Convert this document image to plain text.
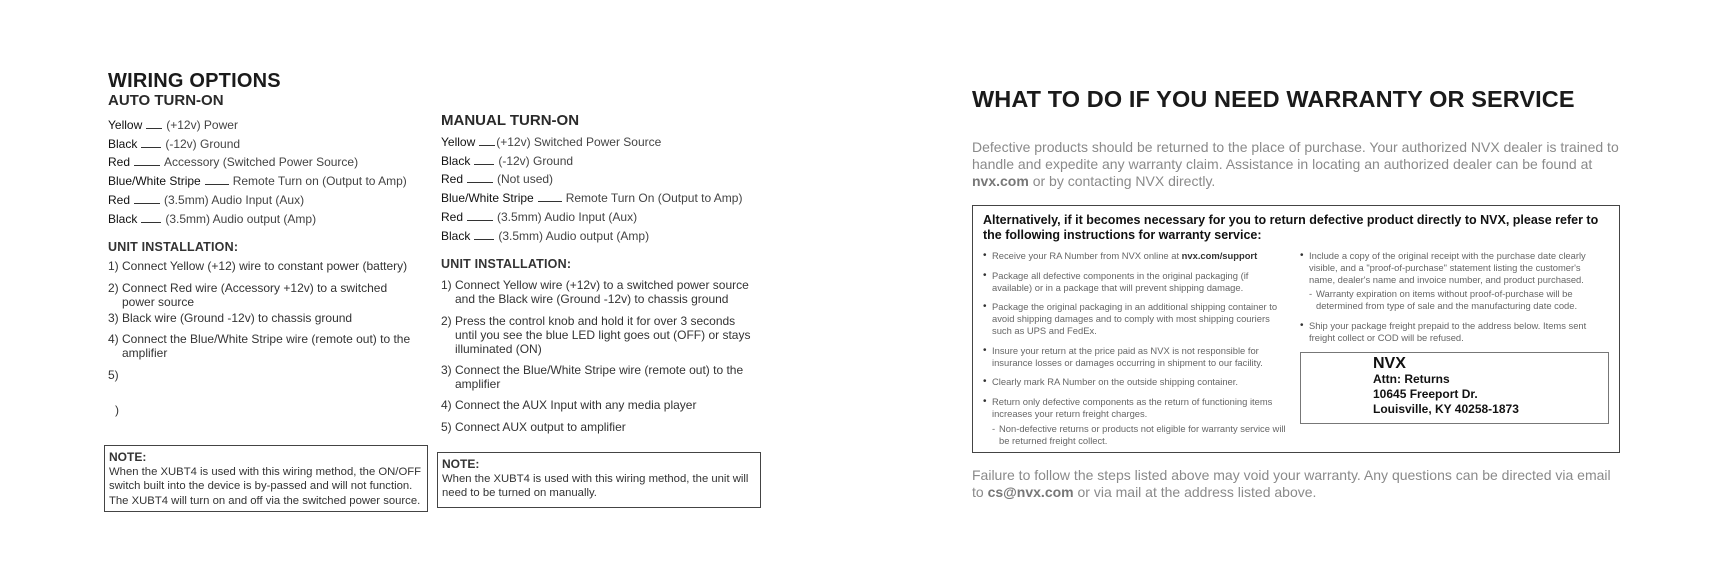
WIRING OPTIONS
AUTO TURN-ON
Yellow (+12v) Power
Black (-12v) Ground
Red	Accessory (Switched Power Source)
Blue/White Stripe	Remote Turn on (Output to Amp)
Red	(3.5mm) Audio Input (Aux)
Black (3.5mm) Audio output (Amp)
UNIT INSTALLATION:
1) Connect Yellow (+12) wire to constant power (battery)
2) Connect Red wire (Accessory +12v) to a switched power source
3) Black wire (Ground -12v) to chassis ground
4) Connect the Blue/White Stripe wire (remote out) to the amplifier
5)
)
NOTE:
When the XUBT4 is used with this wiring method, the ON/OFF switch built into the device is by-passed and will not function. The XUBT4 will turn on and off via the switched power source.
MANUAL TURN-ON
Yellow (+12v) Switched Power Source
Black (-12v) Ground
Red	(Not used)
Blue/White Stripe	Remote Turn On (Output to Amp)
Red	(3.5mm) Audio Input (Aux)
Black (3.5mm) Audio output (Amp)
UNIT INSTALLATION:
1) Connect Yellow wire (+12v) to a switched power source and the Black wire (Ground -12v) to chassis ground
2) Press the control knob and hold it for over 3 seconds until you see the blue LED light goes out (OFF) or stays illuminated (ON)
3) Connect the Blue/White Stripe wire (remote out) to the amplifier
4) Connect the AUX Input with any media player
5) Connect AUX output to amplifier
NOTE:
When the XUBT4 is used with this wiring method, the unit will need to be turned on manually.
WHAT TO DO IF YOU NEED WARRANTY OR SERVICE
Defective products should be returned to the place of purchase. Your authorized NVX dealer is trained to handle and expedite any warranty claim. Assistance in locating an authorized dealer can be found at nvx.com or by contacting NVX directly.
Alternatively, if it becomes necessary for you to return defective product directly to NVX, please refer to the following instructions for warranty service:
• Receive your RA Number from NVX online at nvx.com/support
• Package all defective components in the original packaging (if available) or in a package that will prevent shipping damage.
• Package the original packaging in an additional shipping container to avoid shipping damages and to comply with most shipping couriers such as UPS and FedEx.
• Insure your return at the price paid as NVX is not responsible for insurance losses or damages occurring in shipment to our facility.
• Clearly mark RA Number on the outside shipping container.
• Return only defective components as the return of functioning items increases your return freight charges.
- Non-defective returns or products not eligible for warranty service will be returned freight collect.
• Include a copy of the original receipt with the purchase date clearly visible, and a "proof-of-purchase" statement listing the customer's name, dealer's name and invoice number, and product purchased.
- Warranty expiration on items without proof-of-purchase will be determined from type of sale and the manufacturing date code.
• Ship your package freight prepaid to the address below. Items sent freight collect or COD will be refused.
NVX
Attn: Returns
10645 Freeport Dr.
Louisville, KY 40258-1873
Failure to follow the steps listed above may void your warranty. Any questions can be directed via email to cs@nvx.com or via mail at the address listed above.
